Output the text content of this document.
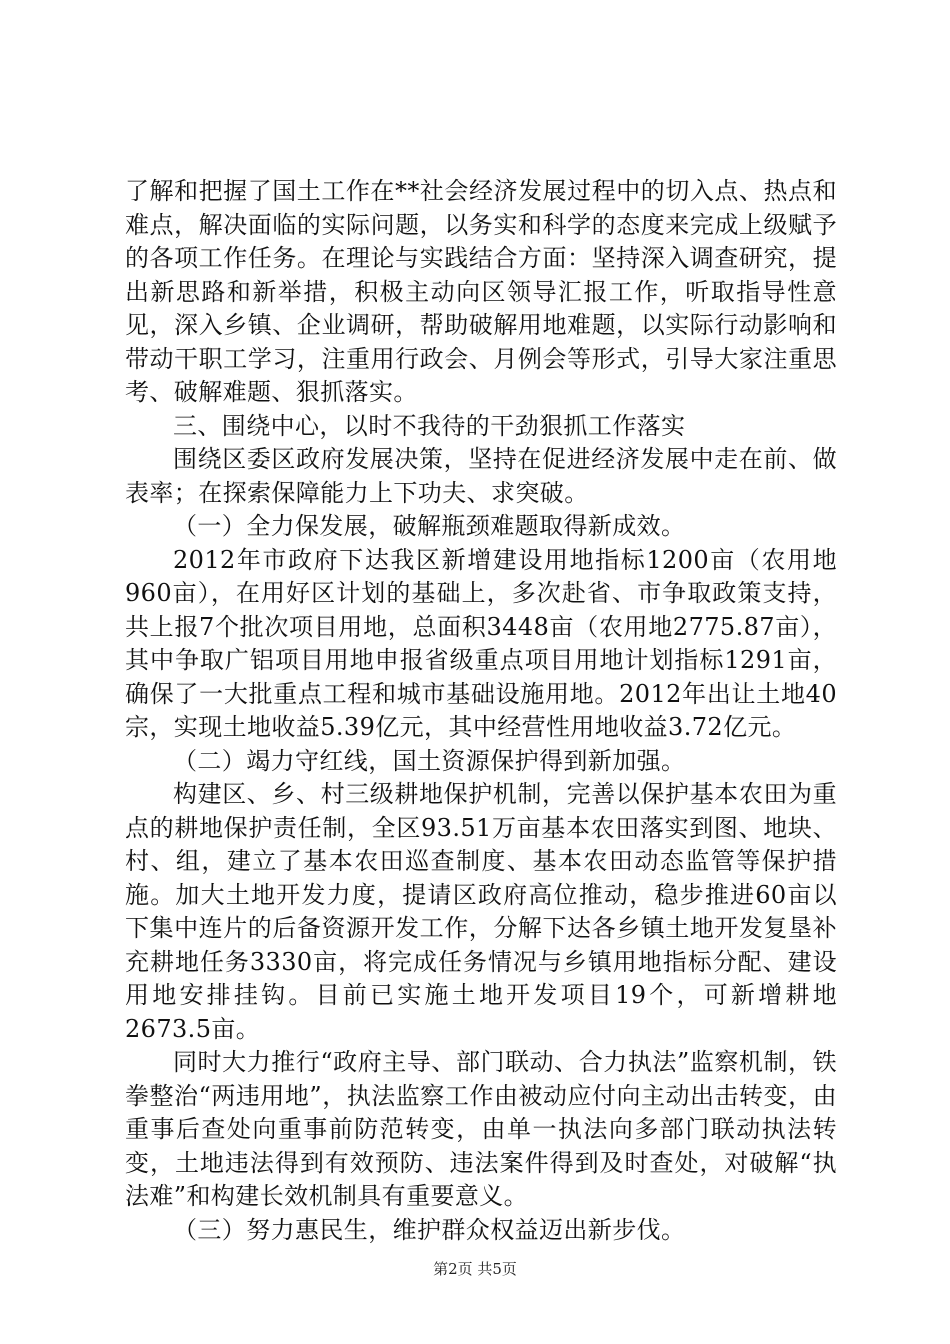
了解和把握了国土工作在**社会经济发展过程中的切入点、热点和难点，解决面临的实际问题，以务实和科学的态度来完成上级赋予的各项工作任务。在理论与实践结合方面：坚持深入调查研究，提出新思路和新举措，积极主动向区领导汇报工作，听取指导性意见，深入乡镇、企业调研，帮助破解用地难题，以实际行动影响和带动干职工学习，注重用行政会、月例会等形式，引导大家注重思考、破解难题、狠抓落实。

三、围绕中心，以时不我待的干劲狠抓工作落实

围绕区委区政府发展决策，坚持在促进经济发展中走在前、做表率；在探索保障能力上下功夫、求突破。

（一）全力保发展，破解瓶颈难题取得新成效。

2012年市政府下达我区新增建设用地指标1200亩（农用地960亩），在用好区计划的基础上，多次赴省、市争取政策支持，共上报7个批次项目用地，总面积3448亩（农用地2775.87亩），其中争取广铝项目用地申报省级重点项目用地计划指标1291亩，确保了一大批重点工程和城市基础设施用地。2012年出让土地40宗，实现土地收益5.39亿元，其中经营性用地收益3.72亿元。

（二）竭力守红线，国土资源保护得到新加强。

构建区、乡、村三级耕地保护机制，完善以保护基本农田为重点的耕地保护责任制，全区93.51万亩基本农田落实到图、地块、村、组，建立了基本农田巡查制度、基本农田动态监管等保护措施。加大土地开发力度，提请区政府高位推动，稳步推进60亩以下集中连片的后备资源开发工作，分解下达各乡镇土地开发复垦补充耕地任务3330亩，将完成任务情况与乡镇用地指标分配、建设用地安排挂钩。目前已实施土地开发项目19个，可新增耕地2673.5亩。

同时大力推行“政府主导、部门联动、合力执法”监察机制，铁拳整治“两违用地”，执法监察工作由被动应付向主动出击转变，由重事后查处向重事前防范转变，由单一执法向多部门联动执法转变，土地违法得到有效预防、违法案件得到及时查处，对破解“执法难”和构建长效机制具有重要意义。

（三）努力惠民生，维护群众权益迈出新步伐。

第2页 共5页
